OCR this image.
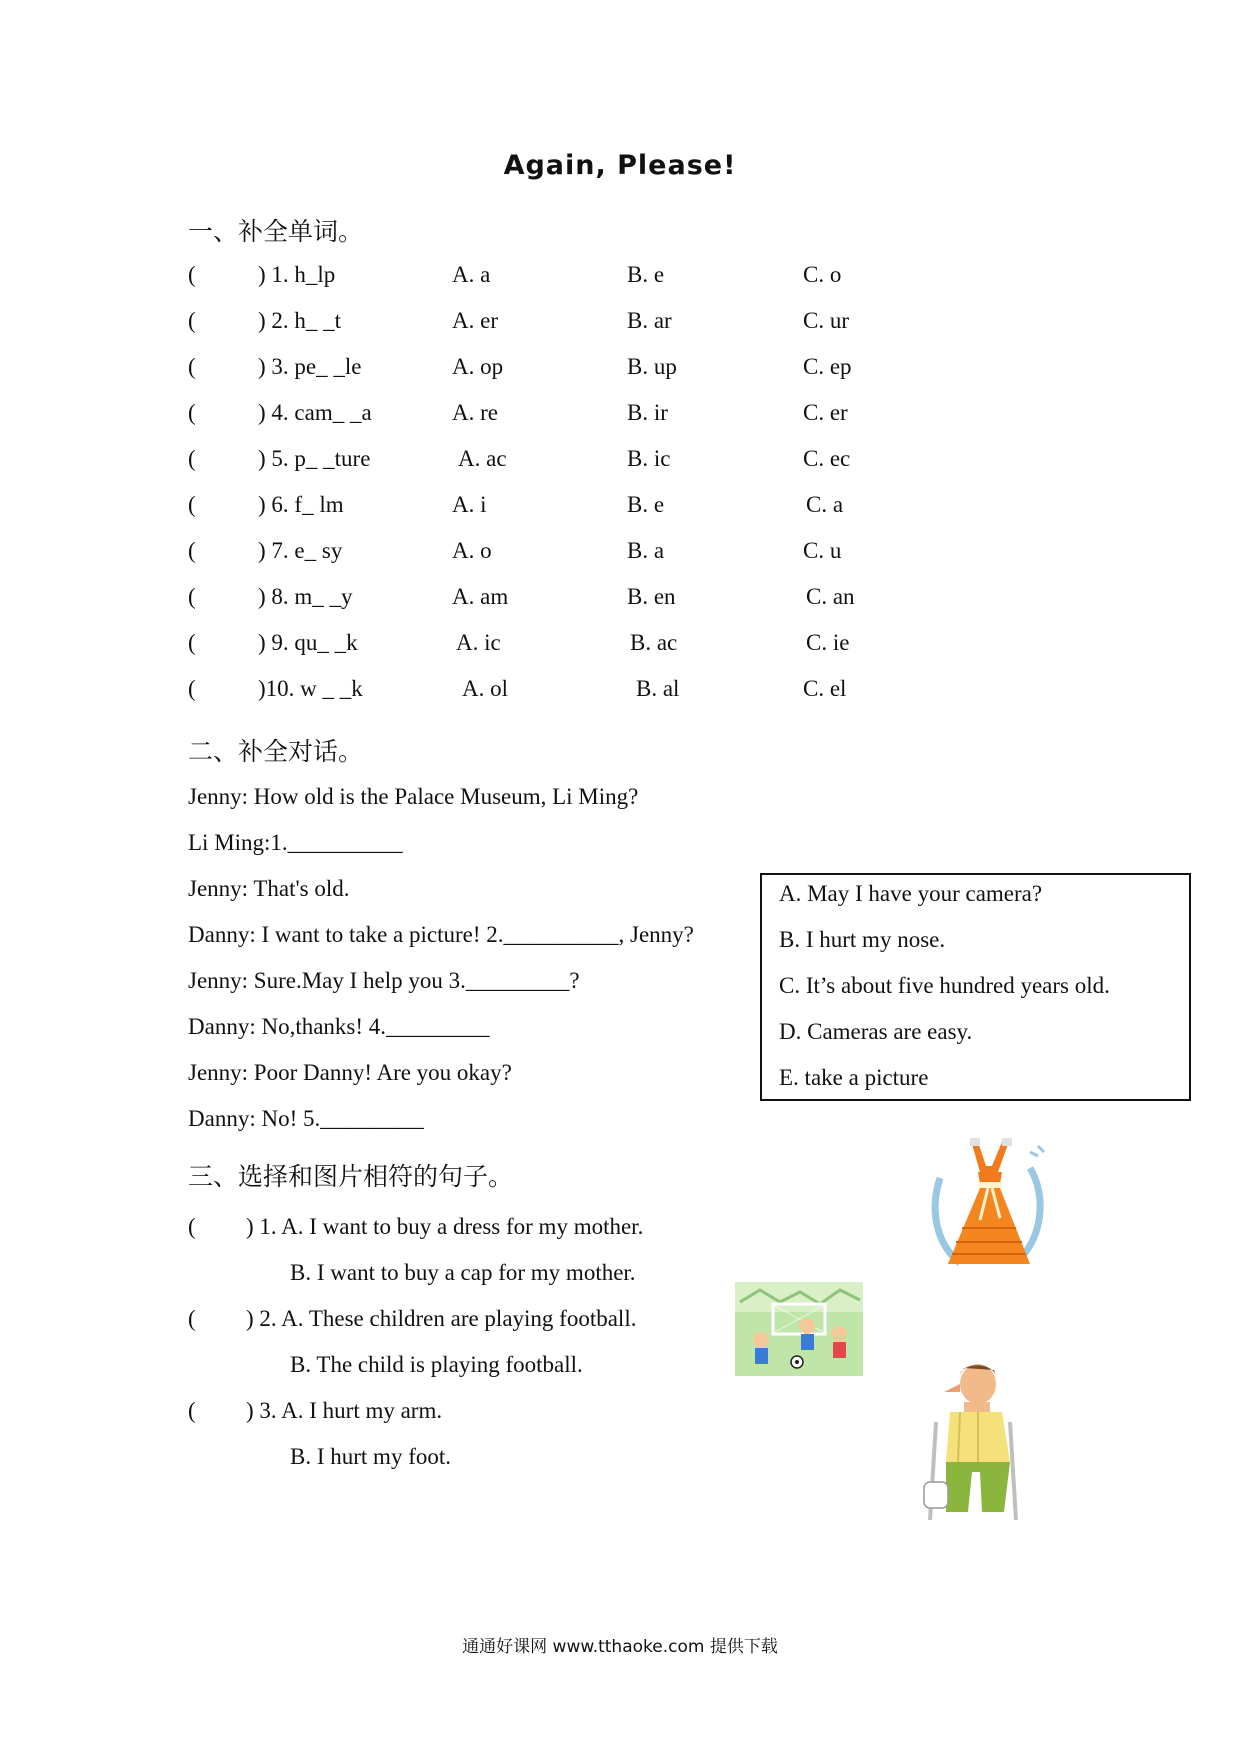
Again, Please!
一、补全单词。
(	) 1. h_lp	A. a	B. e	C. o
(	) 2. h_ _t	A. er	B. ar	C. ur
(	) 3. pe_ _le	A. op	B. up	C. ep
(	) 4. cam_ _a	A. re	B. ir	C. er
(	) 5. p_ _ture	A. ac	B. ic	C. ec
(	) 6. f_ lm	A. i	B. e	C. a
(	) 7. e_ sy	A. o	B. a	C. u
(	) 8. m_ _y	A. am	B. en	C. an
(	) 9. qu_ _k	A. ic	B. ac	C. ie
(	)10. w _ _k	A. ol	B. al	C. el
二、补全对话。
Jenny: How old is the Palace Museum, Li Ming?
Li Ming:1.__________
Jenny: That's old.
Danny: I want to take a picture! 2.__________, Jenny?
Jenny: Sure.May I help you 3._________?
Danny: No,thanks! 4._________
Jenny: Poor Danny! Are you okay?
Danny: No! 5._________
A. May I have your camera?
B. I hurt my nose.
C. It’s about five hundred years old.
D. Cameras are easy.
E. take a picture
三、选择和图片相符的句子。
( ) 1. A. I want to buy a dress for my mother.
B. I want to buy a cap for my mother.
( ) 2. A. These children are playing football.
B. The child is playing football.
( ) 3. A. I hurt my arm.
B. I hurt my foot.
通通好课网 www.tthaoke.com 提供下载
